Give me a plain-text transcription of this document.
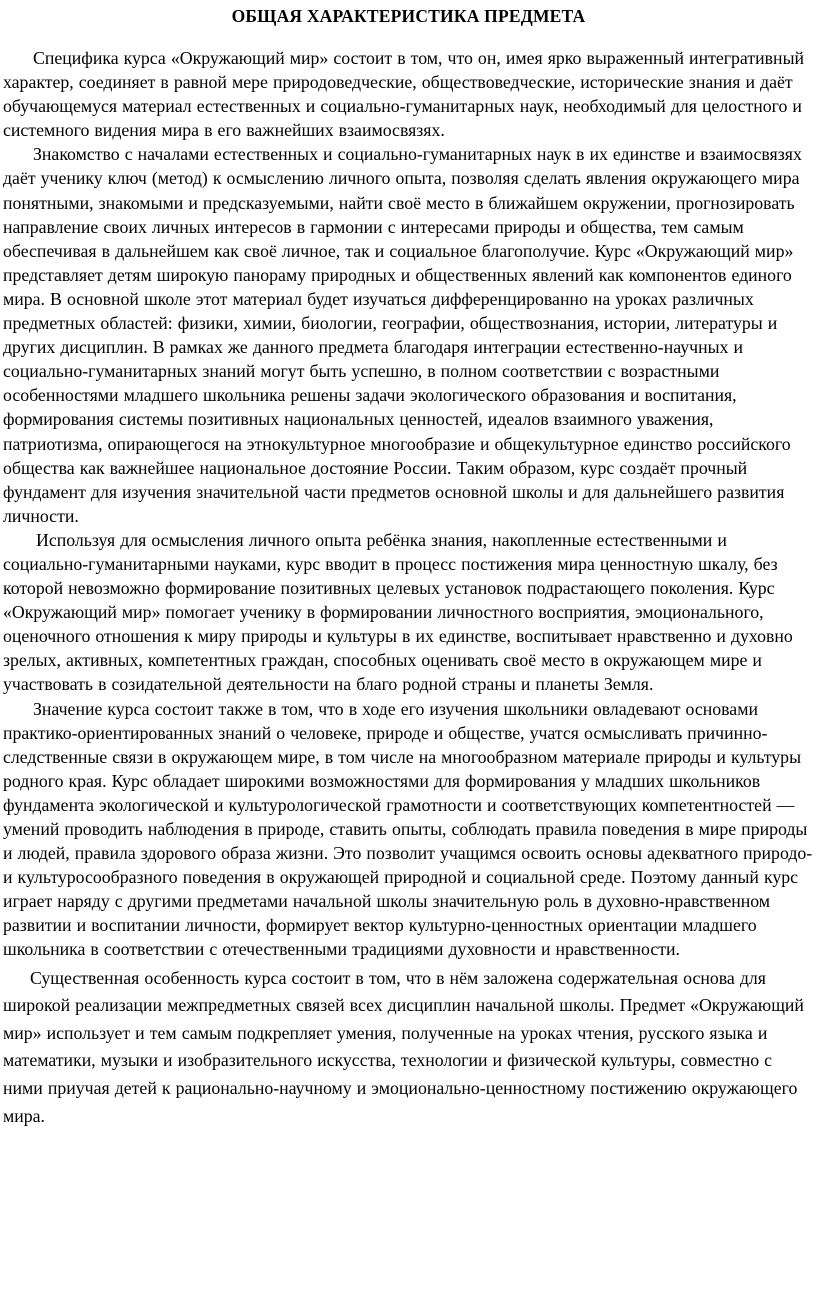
ОБЩАЯ ХАРАКТЕРИСТИКА ПРЕДМЕТА

Специфика курса «Окружающий мир» состоит в том, что он, имея ярко выраженный интегративный характер, соединяет в равной мере природоведческие, обществоведческие, исторические знания и даёт обучающемуся материал естественных и социально-гуманитарных наук, необходимый для целостного и системного видения мира в его важнейших взаимосвязях.

Знакомство с началами естественных и социально-гуманитарных наук в их единстве и взаимосвязях даёт ученику ключ (метод) к осмыслению личного опыта, позволяя сделать явления окружающего мира понятными, знакомыми и предсказуемыми, найти своё место в ближайшем окружении, прогнозировать направление своих личных интересов в гармонии с интересами природы и общества, тем самым обеспечивая в дальнейшем как своё личное, так и социальное благополучие. Курс «Окружающий мир» представляет детям широкую панораму природных и общественных явлений как компонентов единого мира. В основной школе этот материал будет изучаться дифференцированно на уроках различных предметных областей: физики, химии, биологии, географии, обществознания, истории, литературы и других дисциплин. В рамках же данного предмета благодаря интеграции естественно-научных и социально-гуманитарных знаний могут быть успешно, в полном соответствии с возрастными особенностями младшего школьника решены задачи экологического образования и воспитания, формирования системы позитивных национальных ценностей, идеалов взаимного уважения, патриотизма, опирающегося на этнокультурное многообразие и общекультурное единство российского общества как важнейшее национальное достояние России. Таким образом, курс создаёт прочный фундамент для изучения значительной части предметов основной школы и для дальнейшего развития личности.

Используя для осмысления личного опыта ребёнка знания, накопленные естественными и социально-гуманитарными науками, курс вводит в процесс постижения мира ценностную шкалу, без которой невозможно формирование позитивных целевых установок подрастающего поколения. Курс «Окружающий мир» помогает ученику в формировании личностного восприятия, эмоционального, оценочного отношения к миру природы и культуры в их единстве, воспитывает нравственно и духовно зрелых, активных, компетентных граждан, способных оценивать своё место в окружающем мире и участвовать в созидательной деятельности на благо родной страны и планеты Земля.

Значение курса состоит также в том, что в ходе его изучения школьники овладевают основами практико-ориентированных знаний о человеке, природе и обществе, учатся осмысливать причинно-следственные связи в окружающем мире, в том числе на многообразном материале природы и культуры родного края. Курс обладает широкими возможностями для формирования у младших школьников фундамента экологической и культурологической грамотности и соответствующих компетентностей — умений проводить наблюдения в природе, ставить опыты, соблюдать правила поведения в мире природы и людей, правила здорового образа жизни. Это позволит учащимся освоить основы адекватного природо- и культуросообразного поведения в окружающей природной и социальной среде. Поэтому данный курс играет наряду с другими предметами начальной школы значительную роль в духовно-нравственном развитии и воспитании личности, формирует вектор культурно-ценностных ориентации младшего школьника в соответствии с отечественными традициями духовности и нравственности.

Существенная особенность курса состоит в том, что в нём заложена содержательная основа для широкой реализации межпредметных связей всех дисциплин начальной школы. Предмет «Окружающий мир» использует и тем самым подкрепляет умения, полученные на уроках чтения, русского языка и математики, музыки и изобразительного искусства, технологии и физической культуры, совместно с ними приучая детей к рационально-научному и эмоционально-ценностному постижению окружающего мира.
